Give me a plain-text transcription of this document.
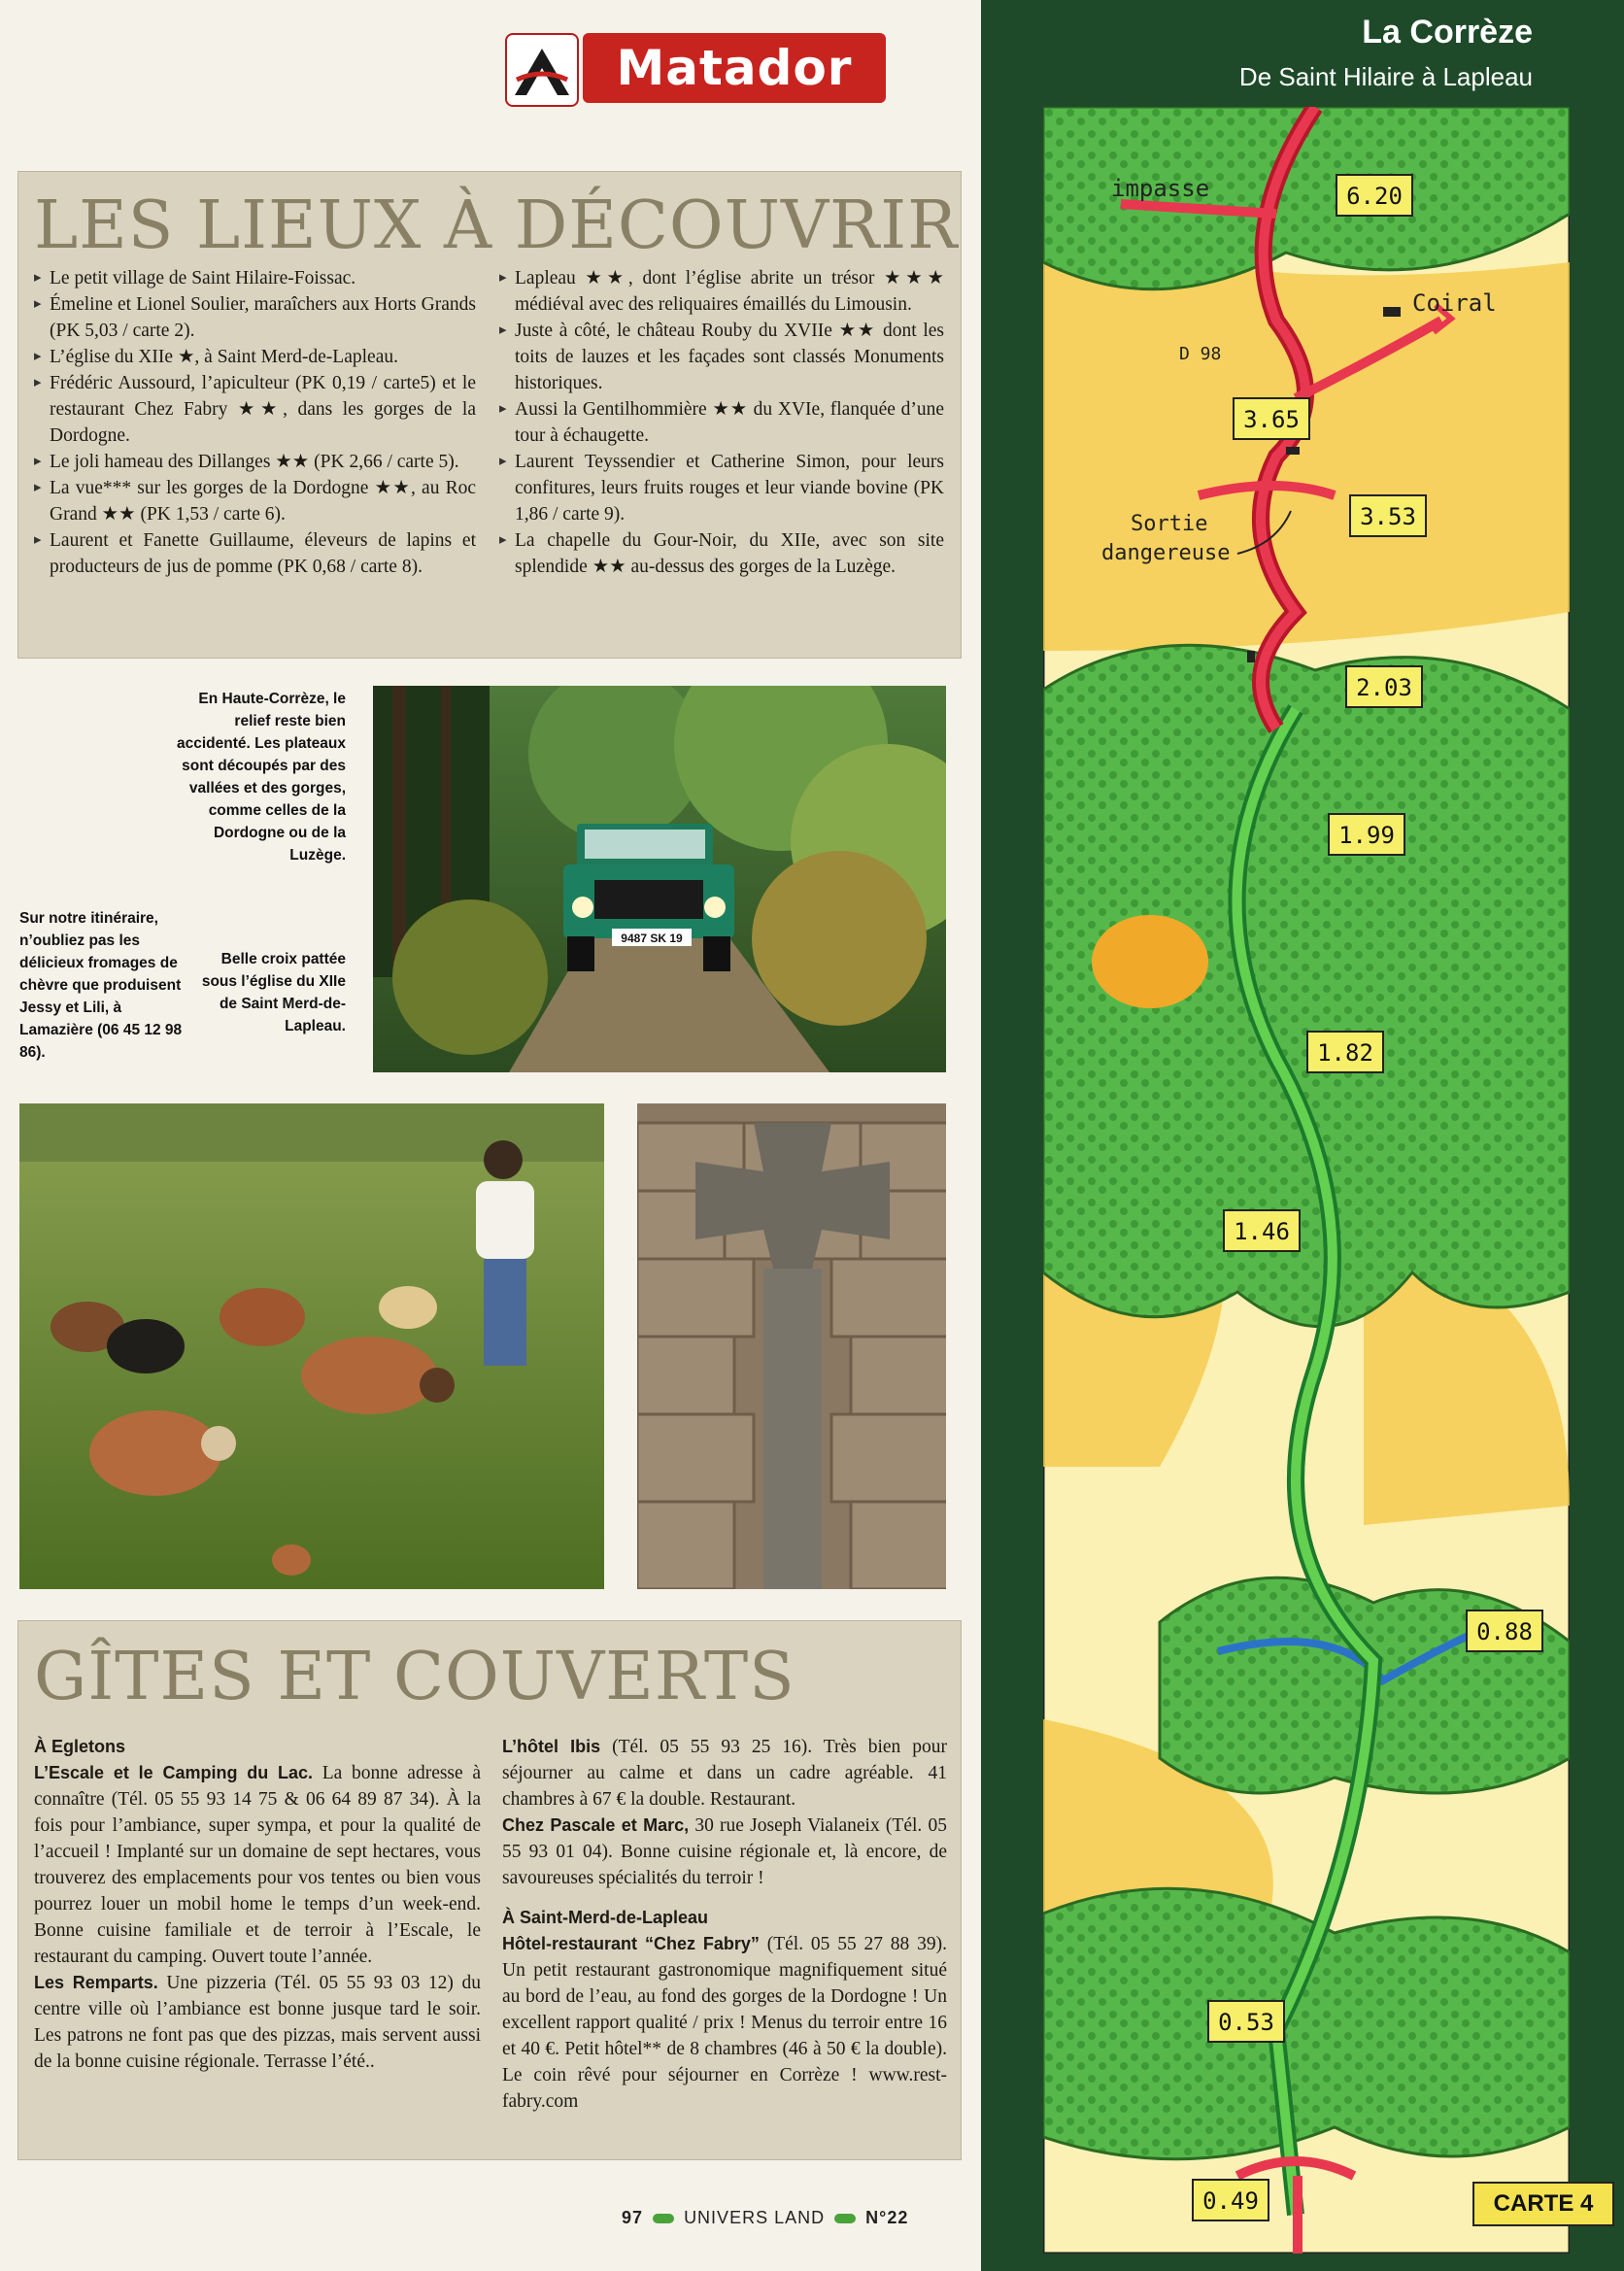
Matador
LES LIEUX À DÉCOUVRIR
▸ Le petit village de Saint Hilaire-Foissac.
▸ Émeline et Lionel Soulier, maraîchers aux Horts Grands (PK 5,03 / carte 2).
▸ L’église du XIIe ★, à Saint Merd-de-Lapleau.
▸ Frédéric Aussourd, l’apiculteur (PK 0,19 / carte5) et le restaurant Chez Fabry ★★, dans les gorges de la Dordogne.
▸ Le joli hameau des Dillanges ★★ (PK 2,66 / carte 5).
▸ La vue*** sur les gorges de la Dordogne ★★, au Roc Grand ★★ (PK 1,53 / carte 6).
▸ Laurent et Fanette Guillaume, éleveurs de lapins et producteurs de jus de pomme (PK 0,68 / carte 8).
▸ Lapleau ★★, dont l’église abrite un trésor ★★★ médiéval avec des reliquaires émaillés du Limousin.
▸ Juste à côté, le château Rouby du XVIIe ★★ dont les toits de lauzes et les façades sont classés Monuments historiques.
▸ Aussi la Gentilhommière ★★ du XVIe, flanquée d’une tour à échaugette.
▸ Laurent Teyssendier et Catherine Simon, pour leurs confitures, leurs fruits rouges et leur viande bovine (PK 1,86 / carte 9).
▸ La chapelle du Gour-Noir, du XIIe, avec son site splendide ★★ au-dessus des gorges de la Luzège.
En Haute-Corrèze, le relief reste bien accidenté. Les plateaux sont découpés par des vallées et des gorges, comme celles de la Dordogne ou de la Luzège.
Belle croix pattée sous l’église du XIIe de Saint Merd-de-Lapleau.
Sur notre itinéraire, n’oubliez pas les délicieux fromages de chèvre que produisent Jessy et Lili, à Lamazière (06 45 12 98 86).
9487 SK 19
GÎTES ET COUVERTS

À Egletons

L’Escale et le Camping du Lac. La bonne adresse à connaître (Tél. 05 55 93 14 75 & 06 64 89 87 34). À la fois pour l’ambiance, super sympa, et pour la qualité de l’accueil ! Implanté sur un domaine de sept hectares, vous trouverez des emplacements pour vos tentes ou bien vous pourrez louer un mobil home le temps d’un week-end. Bonne cuisine familiale et de terroir à l’Escale, le restaurant du camping. Ouvert toute l’année.

Les Remparts. Une pizzeria (Tél. 05 55 93 03 12) du centre ville où l’ambiance est bonne jusque tard le soir. Les patrons ne font pas que des pizzas, mais servent aussi de la bonne cuisine régionale. Terrasse l’été..

L’hôtel Ibis (Tél. 05 55 93 25 16). Très bien pour séjourner au calme et dans un cadre agréable. 41 chambres à 67 € la double. Restaurant.

Chez Pascale et Marc, 30 rue Joseph Vialaneix (Tél. 05 55 93 01 04). Bonne cuisine régionale et, là encore, de savoureuses spécialités du terroir !

À Saint-Merd-de-Lapleau

Hôtel-restaurant “Chez Fabry” (Tél. 05 55 27 88 39). Un petit restaurant gastronomique magnifiquement situé au bord de l’eau, au fond des gorges de la Dordogne ! Un excellent rapport qualité / prix ! Menus du terroir entre 16 et 40 €. Petit hôtel** de 8 chambres (46 à 50 € la double). Le coin rêvé pour séjourner en Corrèze ! www.rest-fabry.com

97 UNIVERS LAND N°22
La Corrèze
De Saint Hilaire à Lapleau
impasse
Coiral
D 98
Sortie
dangereuse
6.20
3.65
3.53
2.03
1.99
1.82
1.46
0.88
0.53
0.49	CARTE 4
